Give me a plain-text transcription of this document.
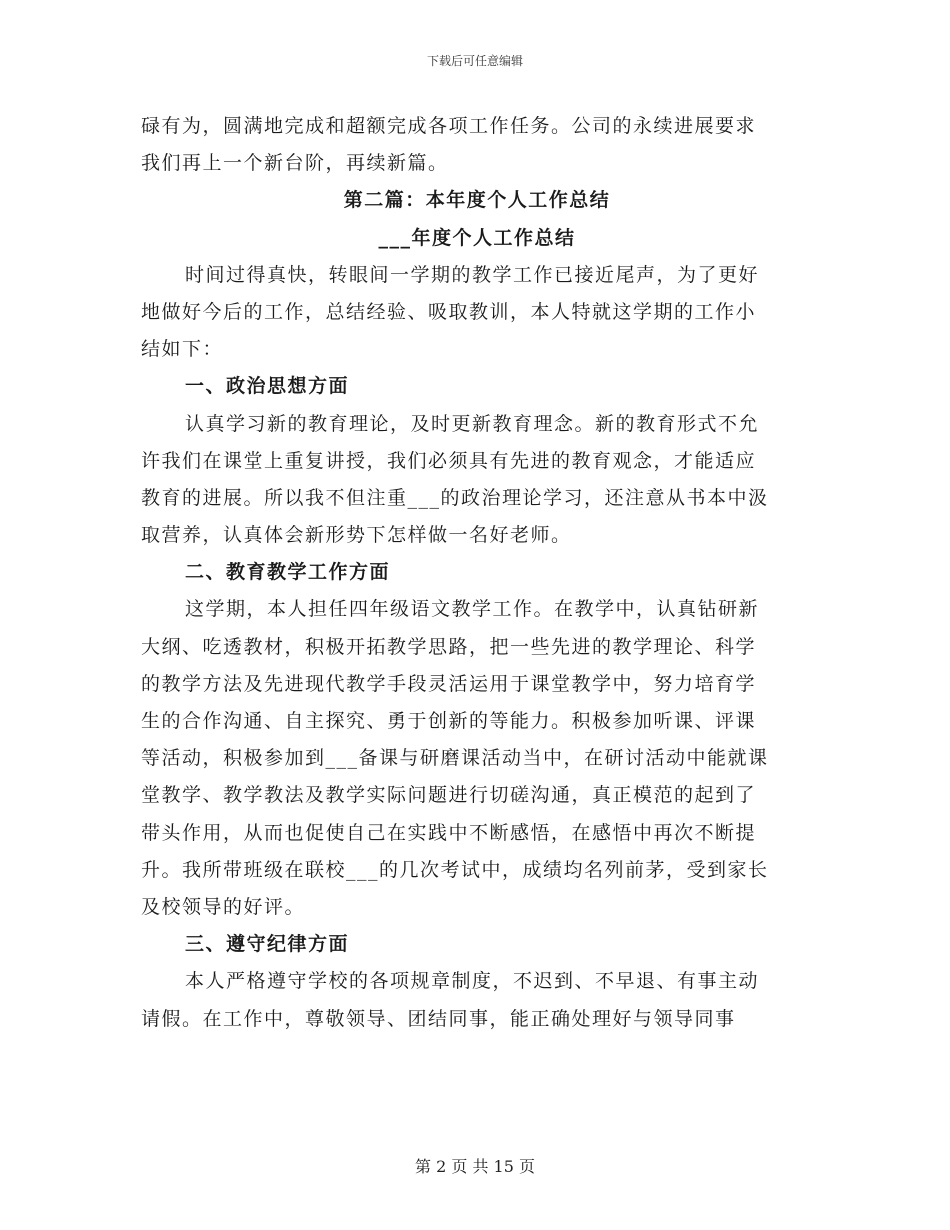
下载后可任意编辑
碌有为，圆满地完成和超额完成各项工作任务。公司的永续进展要求
我们再上一个新台阶，再续新篇。
第二篇：本年度个人工作总结
___年度个人工作总结
时间过得真快，转眼间一学期的教学工作已接近尾声，为了更好
地做好今后的工作，总结经验、吸取教训，本人特就这学期的工作小
结如下：
一、政治思想方面
认真学习新的教育理论，及时更新教育理念。新的教育形式不允
许我们在课堂上重复讲授，我们必须具有先进的教育观念，才能适应
教育的进展。所以我不但注重___的政治理论学习，还注意从书本中汲
取营养，认真体会新形势下怎样做一名好老师。
二、教育教学工作方面
这学期，本人担任四年级语文教学工作。在教学中，认真钻研新
大纲、吃透教材，积极开拓教学思路，把一些先进的教学理论、科学
的教学方法及先进现代教学手段灵活运用于课堂教学中，努力培育学
生的合作沟通、自主探究、勇于创新的等能力。积极参加听课、评课
等活动，积极参加到___备课与研磨课活动当中，在研讨活动中能就课
堂教学、教学教法及教学实际问题进行切磋沟通，真正模范的起到了
带头作用，从而也促使自己在实践中不断感悟，在感悟中再次不断提
升。我所带班级在联校___的几次考试中，成绩均名列前茅，受到家长
及校领导的好评。
三、遵守纪律方面
本人严格遵守学校的各项规章制度，不迟到、不早退、有事主动
请假。在工作中，尊敬领导、团结同事，能正确处理好与领导同事
第 2 页 共 15 页
